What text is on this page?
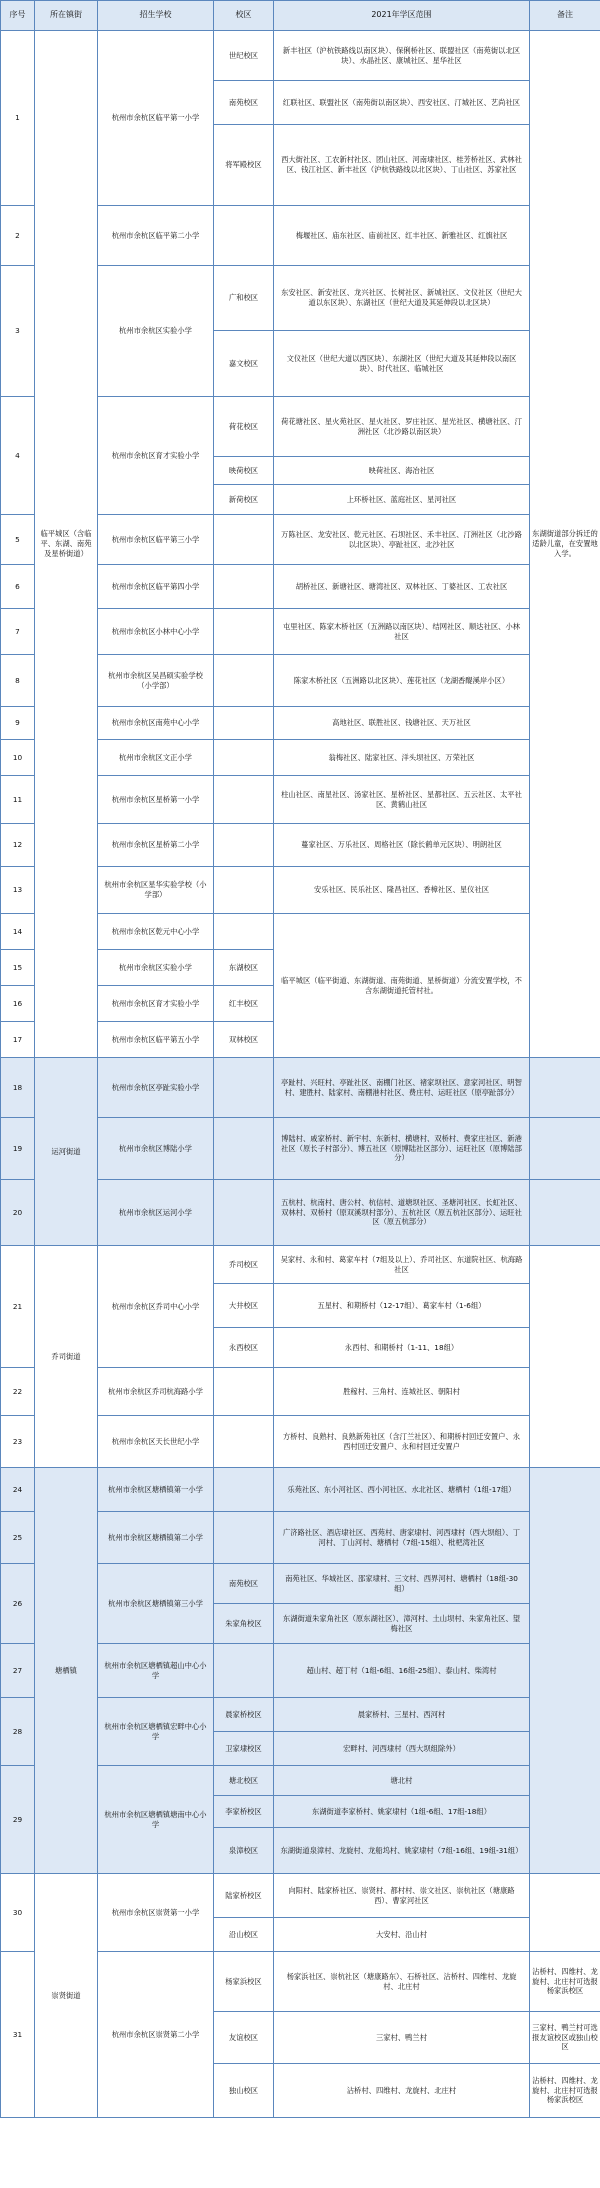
序号	所在镇街	招生学校	校区	2021年学区范围	备注
1	临平城区（含临平、东湖、南苑及星桥街道）	杭州市余杭区临平第一小学	世纪校区	新丰社区（沪杭铁路线以南区块）、保俐桥社区、联盟社区（南苑街以北区块）、水晶社区、康城社区、星华社区	东湖街道部分拆迁的适龄儿童，在安置地入学。
			南苑校区	红联社区、联盟社区（南苑街以南区块）、西安社区、汀城社区、艺尚社区	
			将军殿校区	西大街社区、工农新村社区、团山社区、河南埭社区、桂芳桥社区、武林社区、钱江社区、新丰社区（沪杭铁路线以北区块）、丁山社区、苏家社区	
2		杭州市余杭区临平第二小学		梅堰社区、庙东社区、庙前社区、红丰社区、新雅社区、红旗社区	
3		杭州市余杭区实验小学	广和校区	东安社区、新安社区、龙兴社区、长树社区、新城社区、文仪社区（世纪大道以东区块）、东湖社区（世纪大道及其延伸段以北区块）	
			嘉文校区	文仪社区（世纪大道以西区块）、东湖社区（世纪大道及其延伸段以南区块）、时代社区、临城社区	
4		杭州市余杭区育才实验小学	荷花校区	荷花塘社区、星火苑社区、星火社区、罗庄社区、星光社区、横塘社区、汀洲社区（北沙路以南区块）	
			映荷校区	映荷社区、海冶社区	
			新荷校区	上环桥社区、蓝庭社区、星河社区	
5		杭州市余杭区临平第三小学		万陈社区、龙安社区、乾元社区、石坝社区、禾丰社区、汀洲社区（北沙路以北区块）、亭趾社区、北沙社区	
6		杭州市余杭区临平第四小学		胡桥社区、新塘社区、塘湾社区、双林社区、丁婆社区、工农社区	
7		杭州市余杭区小林中心小学		屯里社区、陈家木桥社区（五洲路以南区块）、结网社区、顺达社区、小林社区	
8		杭州市余杭区吴昌硕实验学校（小学部）		陈家木桥社区（五洲路以北区块）、莲花社区（龙湖香醍溪岸小区）	
9		杭州市余杭区南苑中心小学		高地社区、联胜社区、钱塘社区、天万社区	
10		杭州市余杭区文正小学		翁梅社区、陆家社区、洋头坝社区、万荣社区	
11		杭州市余杭区星桥第一小学		柱山社区、南星社区、汤家社区、星桥社区、星都社区、五云社区、太平社区、黄鹤山社区	
12		杭州市余杭区星桥第二小学		蔓家社区、万乐社区、周格社区（除长鹤单元区块）、明朗社区	
13		杭州市余杭区星华实验学校（小学部）		安乐社区、民乐社区、隆昌社区、香樟社区、星仪社区	
14		杭州市余杭区乾元中心小学		临平城区（临平街道、东湖街道、南苑街道、星桥街道）分流安置学校，不含东湖街道托管村社。	
15		杭州市余杭区实验小学	东湖校区		
16		杭州市余杭区育才实验小学	红丰校区		
17		杭州市余杭区临平第五小学	双林校区		
18	运河街道	杭州市余杭区亭趾实验小学		亭趾村、兴旺村、亭趾社区、南棚门社区、褚家坝社区、意家河社区、明智村、建胜村、陆家村、南棚港村社区、费庄村、运旺社区（原亭趾部分）	
19		杭州市余杭区博陆小学		博陆村、戚家桥村、新宇村、东新村、横塘村、双桥村、费家庄社区、新港社区（原长子村部分）、博五社区（原博陆社区部分）、运旺社区（原博陆部分）	
20		杭州市余杭区运河小学		五杭村、杭南村、唐公村、杭信村、道塘坝社区、圣塘河社区、长虹社区、双林村、双桥村（原双溪坝村部分）、五杭社区（原五杭社区部分）、运旺社区（原五杭部分）	
21	乔司街道	杭州市余杭区乔司中心小学	乔司校区	吴家村、永和村、葛家车村（7组及以上）、乔司社区、东道院社区、杭海路社区	
			大井校区	五星村、和期桥村（12-17组）、葛家车村（1-6组）	
			永西校区	永西村、和期桥村（1-11、18组）	
22		杭州市余杭区乔司杭海路小学		胜稼村、三角村、连城社区、朝阳村	
23		杭州市余杭区天长世纪小学		方桥村、良熟村、良熟新苑社区（含汀兰社区）、和期桥村回迁安置户、永西村回迁安置户、永和村回迁安置户	
24	塘栖镇	杭州市余杭区塘栖镇第一小学		乐苑社区、东小河社区、西小河社区、水北社区、塘栖村（1组-17组）	
25		杭州市余杭区塘栖镇第二小学		广济路社区、酒店埭社区、西苑村、唐家埭村、河西埭村（西大坝组）、丁河村、丁山河村、塘栖村（7组-15组）、枇杷湾社区	
26		杭州市余杭区塘栖镇第三小学	南苑校区	南苑社区、华城社区、邵家埭村、三文村、西界河村、塘栖村（18组-30组）	
			朱家角校区	东湖街道朱家角社区（原东湖社区）、漳河村、土山坝村、朱家角社区、望梅社区	
27		杭州市余杭区塘栖镇超山中心小学		超山村、超丁村（1组-6组、16组-25组）、泰山村、柴湾村	
28		杭州市余杭区塘栖镇宏畔中心小学	晨家桥校区	晨家桥村、三星村、西河村	
			卫家埭校区	宏畔村、河西埭村（西大坝组除外）	
29		杭州市余杭区塘栖镇塘南中心小学	塘北校区	塘北村	
			李家桥校区	东湖街道李家桥村、姚家埭村（1组-6组、17组-18组）	
			泉漳校区	东湖街道泉漳村、龙旋村、龙船坞村、姚家埭村（7组-16组、19组-31组）	
30	崇贤街道	杭州市余杭区崇贤第一小学	陆家桥校区	向阳村、陆家桥社区、崇贤村、都村村、崇文社区、崇杭社区（塘康路西）、曹家河社区	
			沿山校区	大安村、沿山村	
31		杭州市余杭区崇贤第二小学	杨家浜校区	杨家浜社区、崇杭社区（塘康路东）、石桥社区、沾桥村、四维村、龙旋村、北庄村	沾桥村、四维村、龙旋村、北庄村可选报杨家浜校区
			友谊校区	三家村、鸭兰村	三家村、鸭兰村可选报友谊校区或独山校区
			独山校区	沾桥村、四维村、龙旋村、北庄村	沾桥村、四维村、龙旋村、北庄村可选报杨家浜校区
